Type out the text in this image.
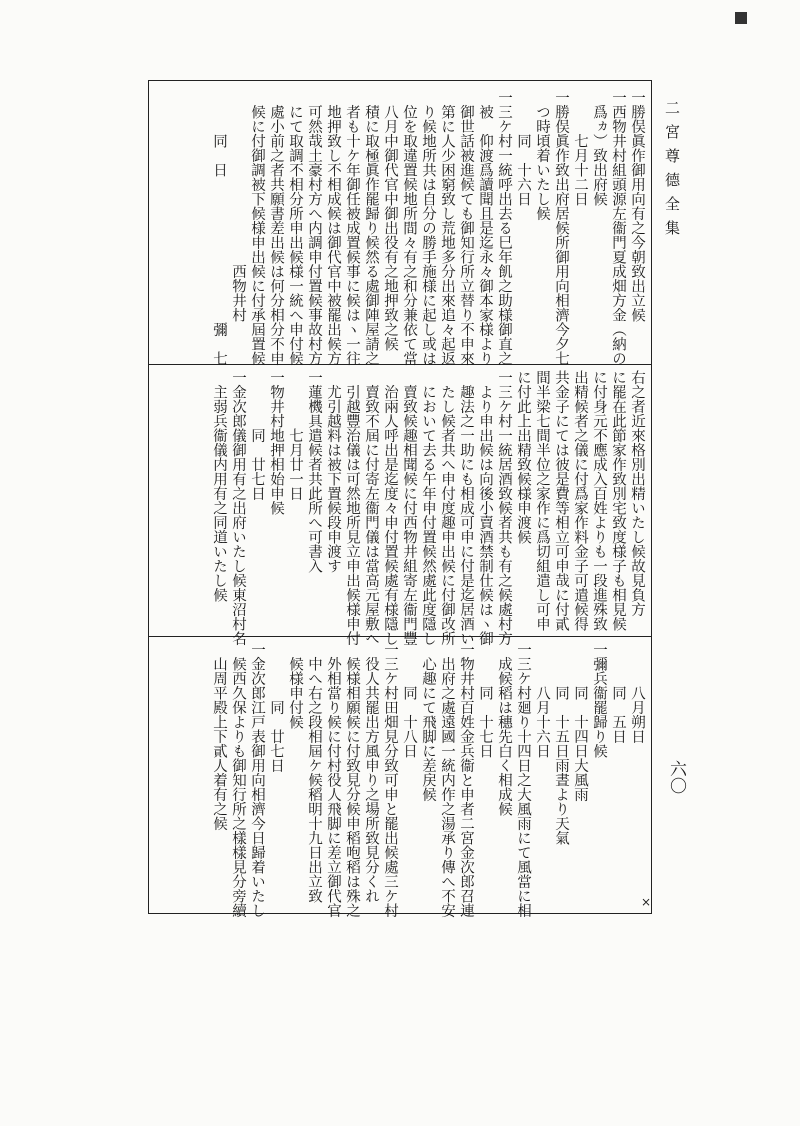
二宮尊德全集
六〇
一勝俣眞作御用向有之今朝致出立候
一西物井村組頭源左衞門夏成畑方金（納の
　爲ヵ）致出府候
　　　七月十二日
一勝俣眞作致出府居候所御用向相濟今夕七
　つ時頃着いたし候
　　　同　十六日
一三ケ村一統呼出去る巳年飢之助様御直之
　被　仰渡爲讀聞且是迄永々御本家様より
　御世話被進候ても御知行所立替り不申來
　第に人少困窮致し荒地多分出來追々起返
　り候地所共は自分の勝手施様に起し或は
　位を取違置候地所間々有之和分兼依て當
　八月中御代官中御出役有之地押致之候
　積に取極眞作罷歸り候然る處御陣屋請之
　者も十ケ年御任被成置候事に候はヽ一往
　地押致し不相成候は御代官中被罷出候方
　可然哉土豪村方へ内調申付置候事故村方
　にて取調不相分所申出候様一統へ申付候
　處小前之者共願書差出候は何分相分不申
　候に付御調被下候様申出候に付承屆置候
　　　　　　　　　　　　西物井村
　　　同　日　　　　　　　　　　彌　七
右之者近來格別出精いたし候故見負方
に罷在此節家作致別宅致度様子も相見候
に付身元不應成入百姓よりも一段進殊致
出精候者之儀に付爲家作料金子可遣候得
共金子にては彼是費等相立可申哉に付貳
間半梁七間半位之家作に爲切組遣し可申
に付此上出精致候様申渡候
一三ケ村一統居酒致候者共も有之候處村方
　より申出候は向後小賣酒禁制仕候はヽ御
　趣法之一助にも相成可申に付是迄居酒い
　たし候者共へ申付度趣申出候に付御改所
　において去る午年申付置候然處此度隱し
　賣致候趣相聞候に付西物井組寄左衞門豐
　治兩人呼出是迄度々申付置候處有様隱し
　賣致不屆に付寄左衞門儀は當高元屋敷へ
　引越豐治儀は可然地所見立申出候様申付
　尤引越料は被下置候段申渡す
一蓮機具遣候者共此所へ可書入
　　　　七月廿一日
一物井村地押相始申候
　　　　同　廿七日
一金次郎儀御用有之出府いたし候東沼村名
　主弱兵衞儀内用有之同道いたし候
　　　八月朔日
　　　同　五日
一彌兵衞罷歸り候
　　　同　十四日大風雨
　　　同　十五日雨晝より天氣
　　　八月十六日
一三ケ村廻り十四日之大風雨にて風當に相
　成候稻は穗先白く相成候
　　　同　十七日
一物井村百姓金兵衞と申者二宮金次郎召連
　出府之處遠國一統内作之湯承り傳へ不安
　心趣にて飛脚に差戻候
　　　同　十八日
一三ケ村田畑見分致可申と罷出候處三ケ村
　役人共罷出方風申り之場所致見分くれ
　候様相願候に付致見分候申稻咆稻は殊之
　外相當り候に付村役人飛脚に差立御代官
　中へ右之段相屆ケ候稻明十九日出立致
　候様申付候
　　　　同　廿七日
一金次郎江戸表御用向相濟今日歸着いたし
　候西久保よりも御知行所之樣樣見分旁續
　山周平殿上下貳人着有之候
×
